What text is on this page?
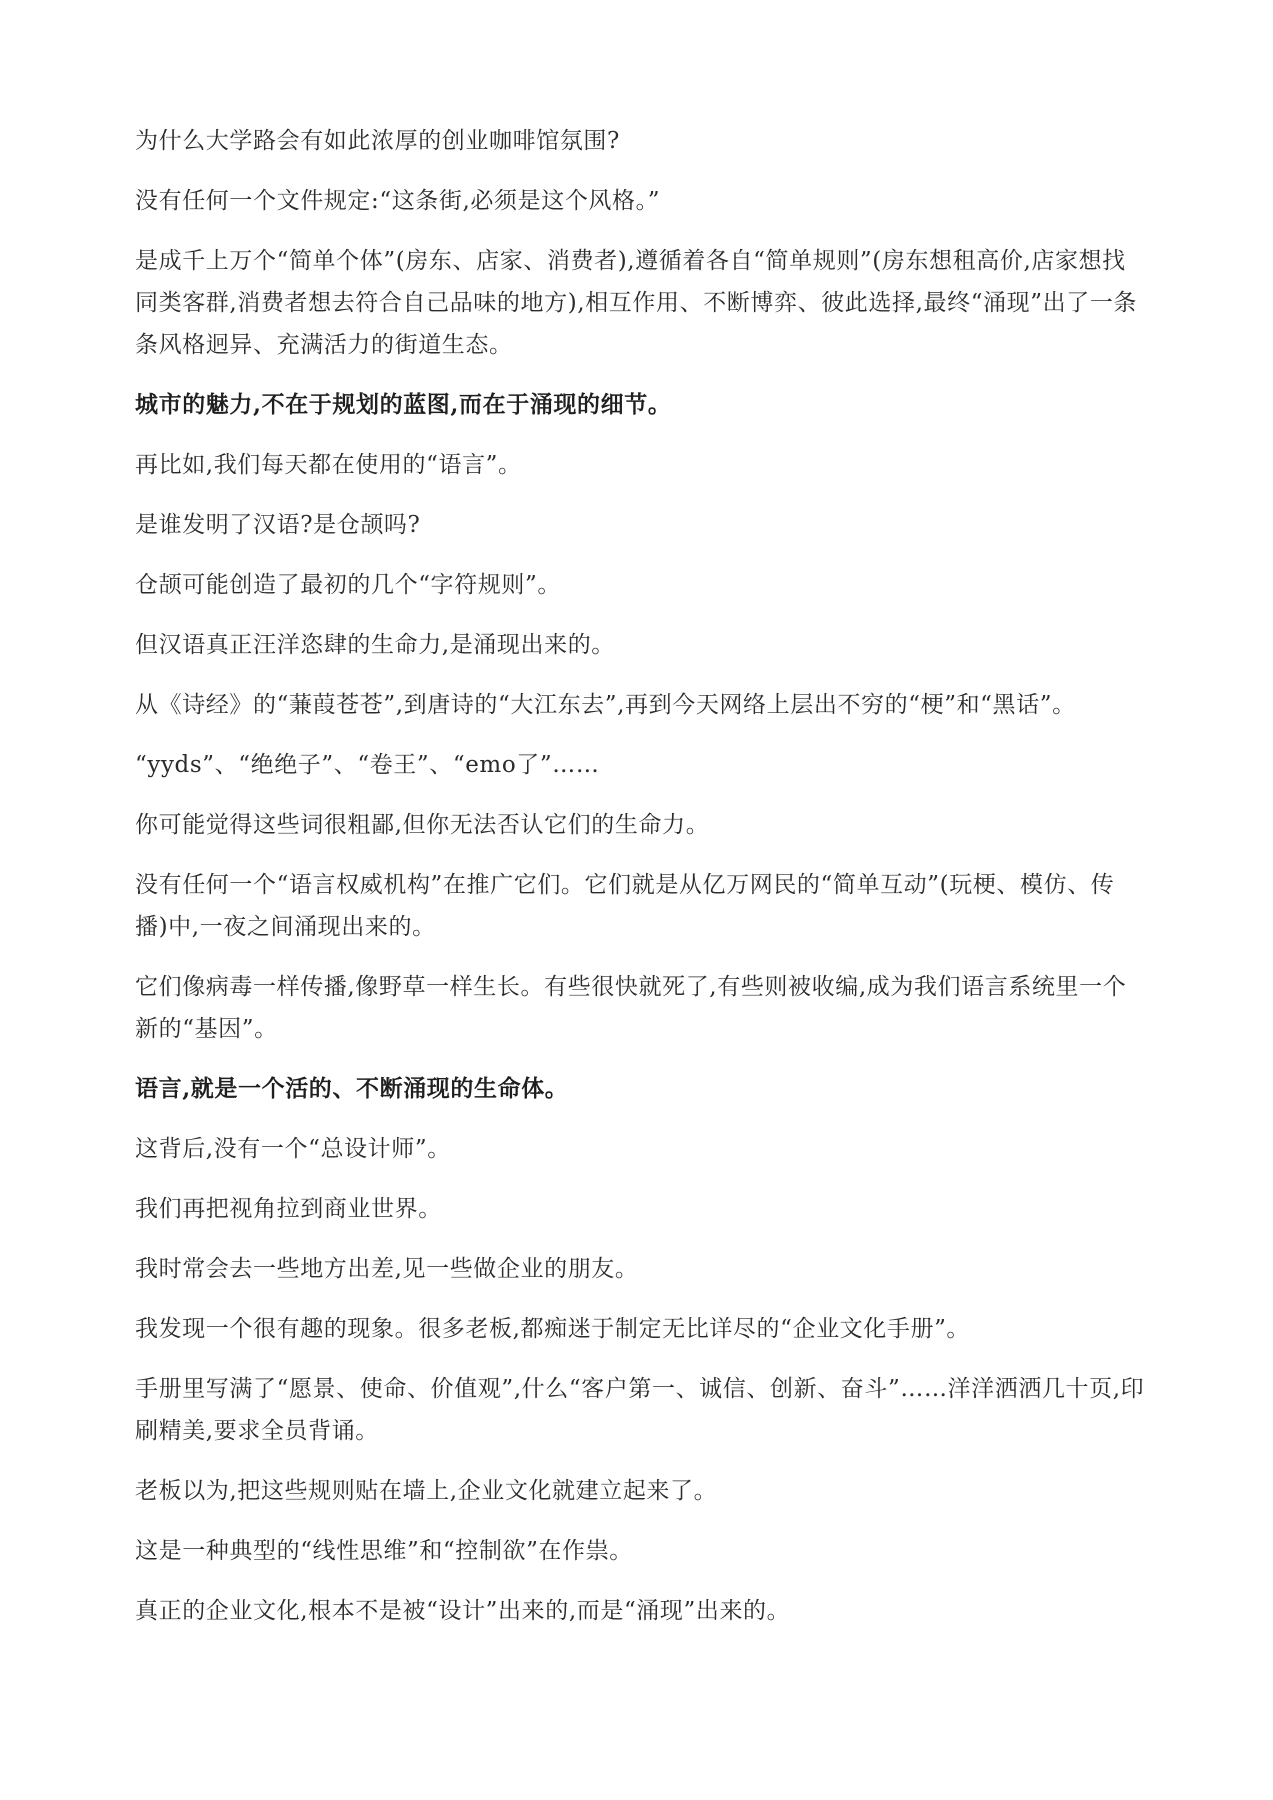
为什么大学路会有如此浓厚的创业咖啡馆氛围?

没有任何一个文件规定:“这条街,必须是这个风格。”

是成千上万个“简单个体”(房东、店家、消费者),遵循着各自“简单规则”(房东想租高价,店家想找同类客群,消费者想去符合自己品味的地方),相互作用、不断博弈、彼此选择,最终“涌现”出了一条条风格迥异、充满活力的街道生态。

城市的魅力,不在于规划的蓝图,而在于涌现的细节。

再比如,我们每天都在使用的“语言”。

是谁发明了汉语?是仓颉吗?

仓颉可能创造了最初的几个“字符规则”。

但汉语真正汪洋恣肆的生命力,是涌现出来的。

从《诗经》的“蒹葭苍苍”,到唐诗的“大江东去”,再到今天网络上层出不穷的“梗”和“黑话”。

“yyds”、“绝绝子”、“卷王”、“emo了”……

你可能觉得这些词很粗鄙,但你无法否认它们的生命力。

没有任何一个“语言权威机构”在推广它们。它们就是从亿万网民的“简单互动”(玩梗、模仿、传播)中,一夜之间涌现出来的。

它们像病毒一样传播,像野草一样生长。有些很快就死了,有些则被收编,成为我们语言系统里一个新的“基因”。

语言,就是一个活的、不断涌现的生命体。

这背后,没有一个“总设计师”。

我们再把视角拉到商业世界。

我时常会去一些地方出差,见一些做企业的朋友。

我发现一个很有趣的现象。很多老板,都痴迷于制定无比详尽的“企业文化手册”。

手册里写满了“愿景、使命、价值观”,什么“客户第一、诚信、创新、奋斗”……洋洋洒洒几十页,印刷精美,要求全员背诵。

老板以为,把这些规则贴在墙上,企业文化就建立起来了。

这是一种典型的“线性思维”和“控制欲”在作祟。

真正的企业文化,根本不是被“设计”出来的,而是“涌现”出来的。
